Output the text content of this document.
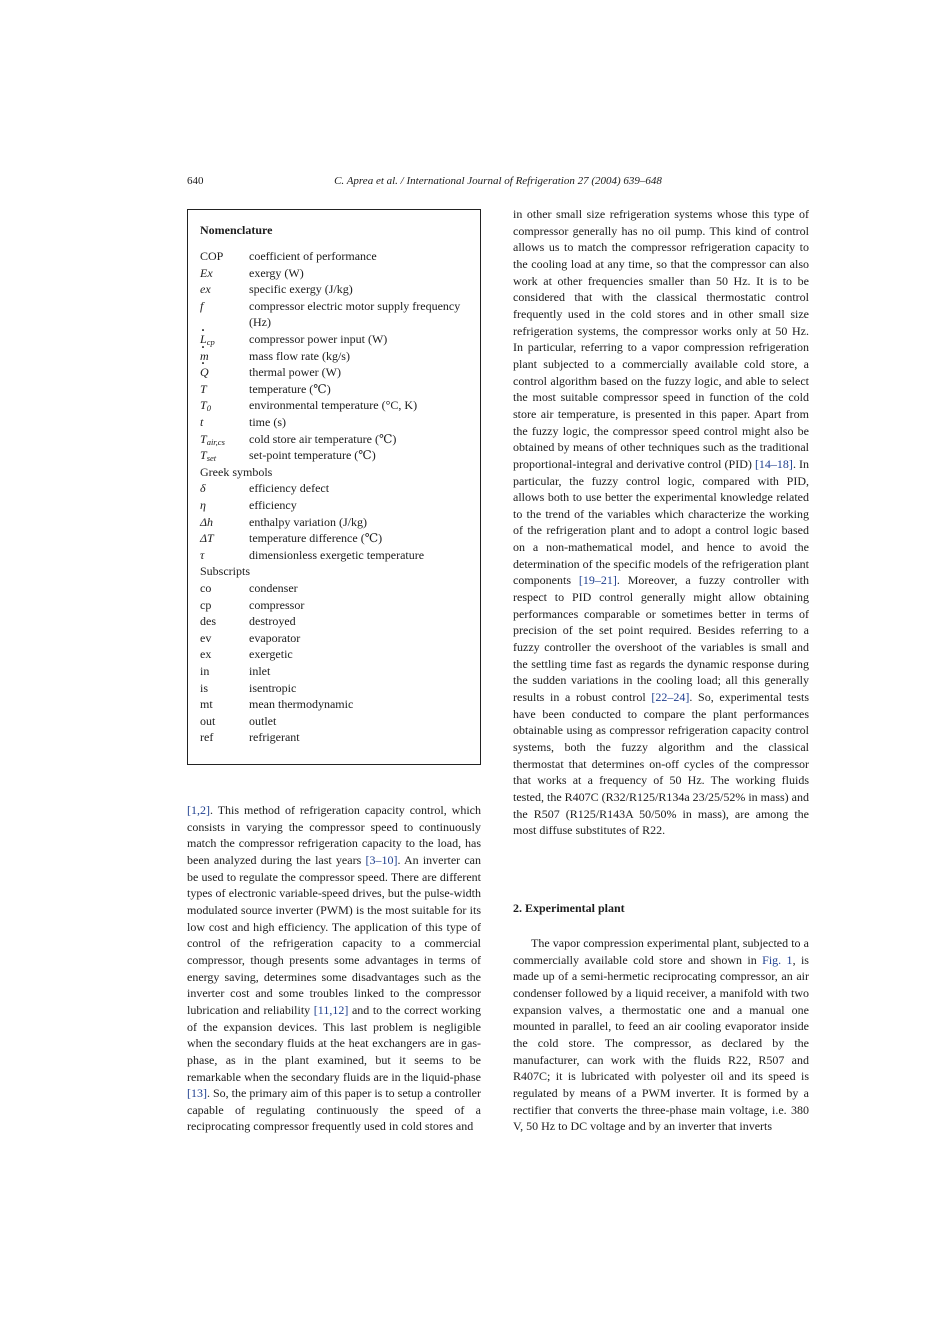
640	C. Aprea et al. / International Journal of Refrigeration 27 (2004) 639–648
Nomenclature
COP coefficient of performance
Ex	exergy (W)
ex	specific exergy (J/kg)
f	compressor electric motor supply frequency
(Hz)
· $L_{cp}$	compressor power input (W)
· m	mass flow rate (kg/s)
· Q	thermal power (W)
T	temperature (℃)
$T_0$	environmental temperature (°C, K)
t	time (s)
$T_{air,cs}$ cold store air temperature (℃)
$T_{set}$	set-point temperature (℃)
Greek symbols
δ	efficiency defect
η	efficiency
Δh	enthalpy variation (J/kg)
ΔT	temperature difference (℃)
τ	dimensionless exergetic temperature
Subscripts
co	condenser
cp	compressor
des	destroyed
ev	evaporator
ex	exergetic
in	inlet
is	isentropic
mt	mean thermodynamic
out	outlet
ref	refrigerant

[1,2]. This method of refrigeration capacity control, which consists in varying the compressor speed to continuously match the compressor refrigeration capacity to the load, has been analyzed during the last years [3–10]. An inverter can be used to regulate the compressor speed. There are different types of electronic variable-speed drives, but the pulse-width modulated source inverter (PWM) is the most suitable for its low cost and high efficiency. The application of this type of control of the refrigeration capacity to a commercial compressor, though presents some advantages in terms of energy saving, determines some disadvantages such as the inverter cost and some troubles linked to the compressor lubrication and reliability [11,12] and to the correct working of the expansion devices. This last problem is negligible when the secondary fluids at the heat exchangers are in gas-phase, as in the plant examined, but it seems to be remarkable when the secondary fluids are in the liquid-phase [13]. So, the primary aim of this paper is to setup a controller capable of regulating continuously the speed of a reciprocating compressor frequently used in cold stores and

in other small size refrigeration systems whose this type of compressor generally has no oil pump. This kind of control allows us to match the compressor refrigeration capacity to the cooling load at any time, so that the compressor can also work at other frequencies smaller than 50 Hz. It is to be considered that with the classical thermostatic control frequently used in the cold stores and in other small size refrigeration systems, the compressor works only at 50 Hz. In particular, referring to a vapor compression refrigeration plant subjected to a commercially available cold store, a control algorithm based on the fuzzy logic, and able to select the most suitable compressor speed in function of the cold store air temperature, is presented in this paper. Apart from the fuzzy logic, the compressor speed control might also be obtained by means of other techniques such as the traditional proportional-integral and derivative control (PID) [14–18]. In particular, the fuzzy control logic, compared with PID, allows both to use better the experimental knowledge related to the trend of the variables which characterize the working of the refrigeration plant and to adopt a control logic based on a non-mathematical model, and hence to avoid the determination of the specific models of the refrigeration plant components [19–21]. Moreover, a fuzzy controller with respect to PID control generally might allow obtaining performances comparable or sometimes better in terms of precision of the set point required. Besides referring to a fuzzy controller the overshoot of the variables is small and the settling time fast as regards the dynamic response during the sudden variations in the cooling load; all this generally results in a robust control [22–24]. So, experimental tests have been conducted to compare the plant performances obtainable using as compressor refrigeration capacity control systems, both the fuzzy algorithm and the classical thermostat that determines on-off cycles of the compressor that works at a frequency of 50 Hz. The working fluids tested, the R407C (R32/R125/R134a 23/25/52% in mass) and the R507 (R125/R143A 50/50% in mass), are among the most diffuse substitutes of R22.

2. Experimental plant

The vapor compression experimental plant, subjected to a commercially available cold store and shown in Fig. 1, is made up of a semi-hermetic reciprocating compressor, an air condenser followed by a liquid receiver, a manifold with two expansion valves, a thermostatic one and a manual one mounted in parallel, to feed an air cooling evaporator inside the cold store. The compressor, as declared by the manufacturer, can work with the fluids R22, R507 and R407C; it is lubricated with polyester oil and its speed is regulated by means of a PWM inverter. It is formed by a rectifier that converts the three-phase main voltage, i.e. 380 V, 50 Hz to DC voltage and by an inverter that inverts
